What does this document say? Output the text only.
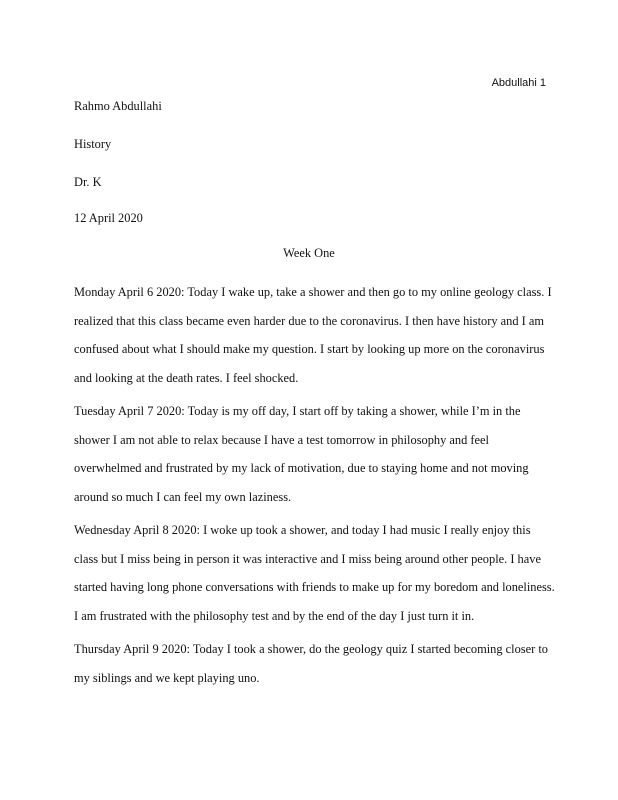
Abdullahi 1
Rahmo Abdullahi
History
Dr. K
12 April 2020
Week One

Monday April 6 2020: Today I wake up, take a shower and then go to my online geology class. I
realized that this class became even harder due to the coronavirus. I then have history and I am
confused about what I should make my question. I start by looking up more on the coronavirus
and looking at the death rates. I feel shocked.

Tuesday April 7 2020: Today is my off day, I start off by taking a shower, while I’m in the
shower I am not able to relax because I have a test tomorrow in philosophy and feel
overwhelmed and frustrated by my lack of motivation, due to staying home and not moving
around so much I can feel my own laziness.

Wednesday April 8 2020: I woke up took a shower, and today I had music I really enjoy this
class but I miss being in person it was interactive and I miss being around other people. I have
started having long phone conversations with friends to make up for my boredom and loneliness.
I am frustrated with the philosophy test and by the end of the day I just turn it in.

Thursday April 9 2020: Today I took a shower, do the geology quiz I started becoming closer to
my siblings and we kept playing uno.
